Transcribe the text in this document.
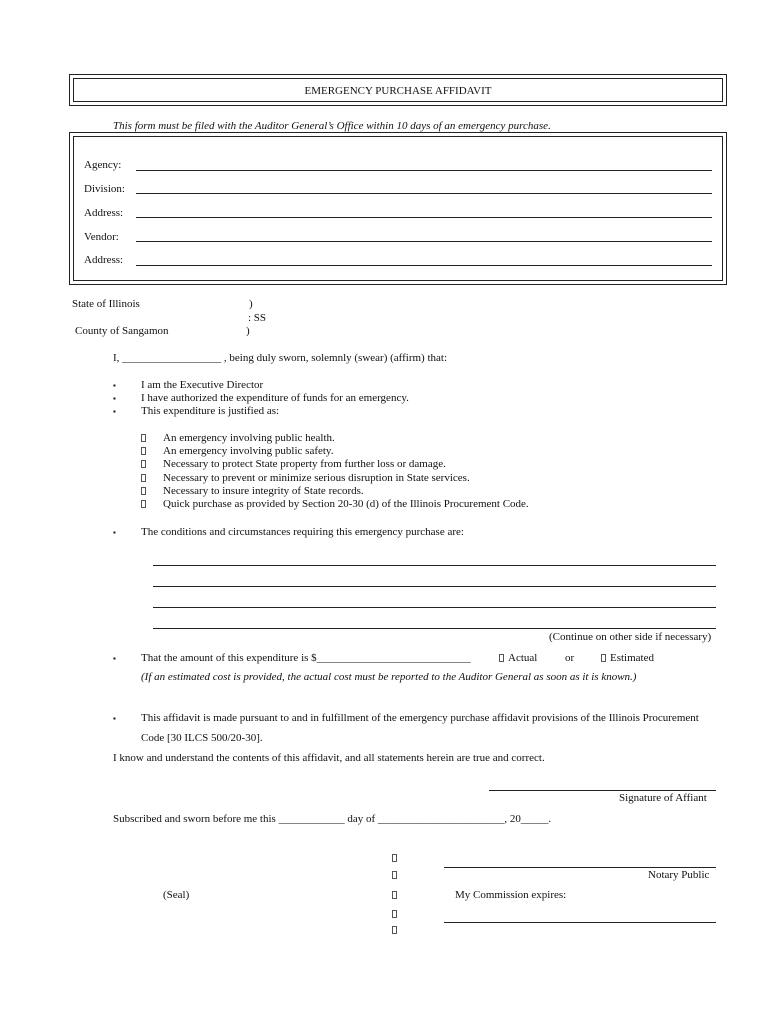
EMERGENCY PURCHASE AFFIDAVIT
This form must be filed with the Auditor General’s Office within 10 days of an emergency purchase.
Agency:
Division:
Address:
Vendor:
Address:
State of Illinois	)
: SS
County of Sangamon	)
I, __________________ , being duly sworn, solemnly (swear) (affirm) that:
▪ I am the Executive Director
▪ I have authorized the expenditure of funds for an emergency.
▪ This expenditure is justified as:
An emergency involving public health.
An emergency involving public safety.
Necessary to protect State property from further loss or damage.
Necessary to prevent or minimize serious disruption in State services.
Necessary to insure integrity of State records.
Quick purchase as provided by Section 20-30 (d) of the Illinois Procurement Code.
▪ The conditions and circumstances requiring this emergency purchase are:
(Continue on other side if necessary)
▪ That the amount of this expenditure is $____________________________	Actual	or	Estimated
(If an estimated cost is provided, the actual cost must be reported to the Auditor General as soon as it is known.)
▪ This affidavit is made pursuant to and in fulfillment of the emergency purchase affidavit provisions of the Illinois Procurement
Code [30 ILCS 500/20-30].
I know and understand the contents of this affidavit, and all statements herein are true and correct.
Signature of Affiant
Subscribed and sworn before me this ____________ day of _______________________, 20_____.
Notary Public
(Seal)	My Commission expires:
